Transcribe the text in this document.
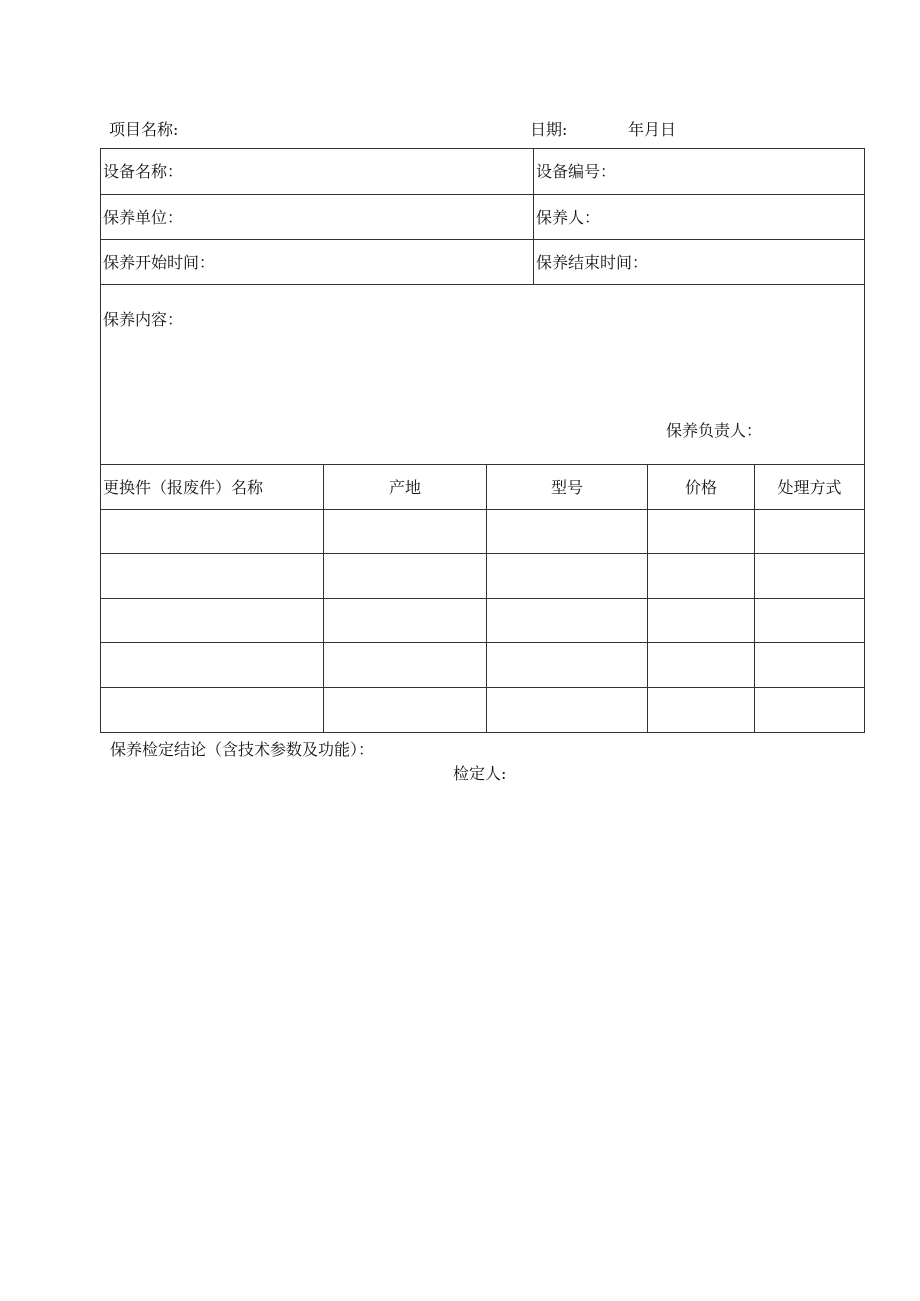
项目名称:	日期:	年月日
设备名称：	设备编号：
保养单位：	保养人：
保养开始时间：	保养结束时间：
保养内容：
保养负责人：
更换件（报废件）名称	产地	型号	价格	处理方式
保养检定结论（含技术参数及功能）：
检定人:
